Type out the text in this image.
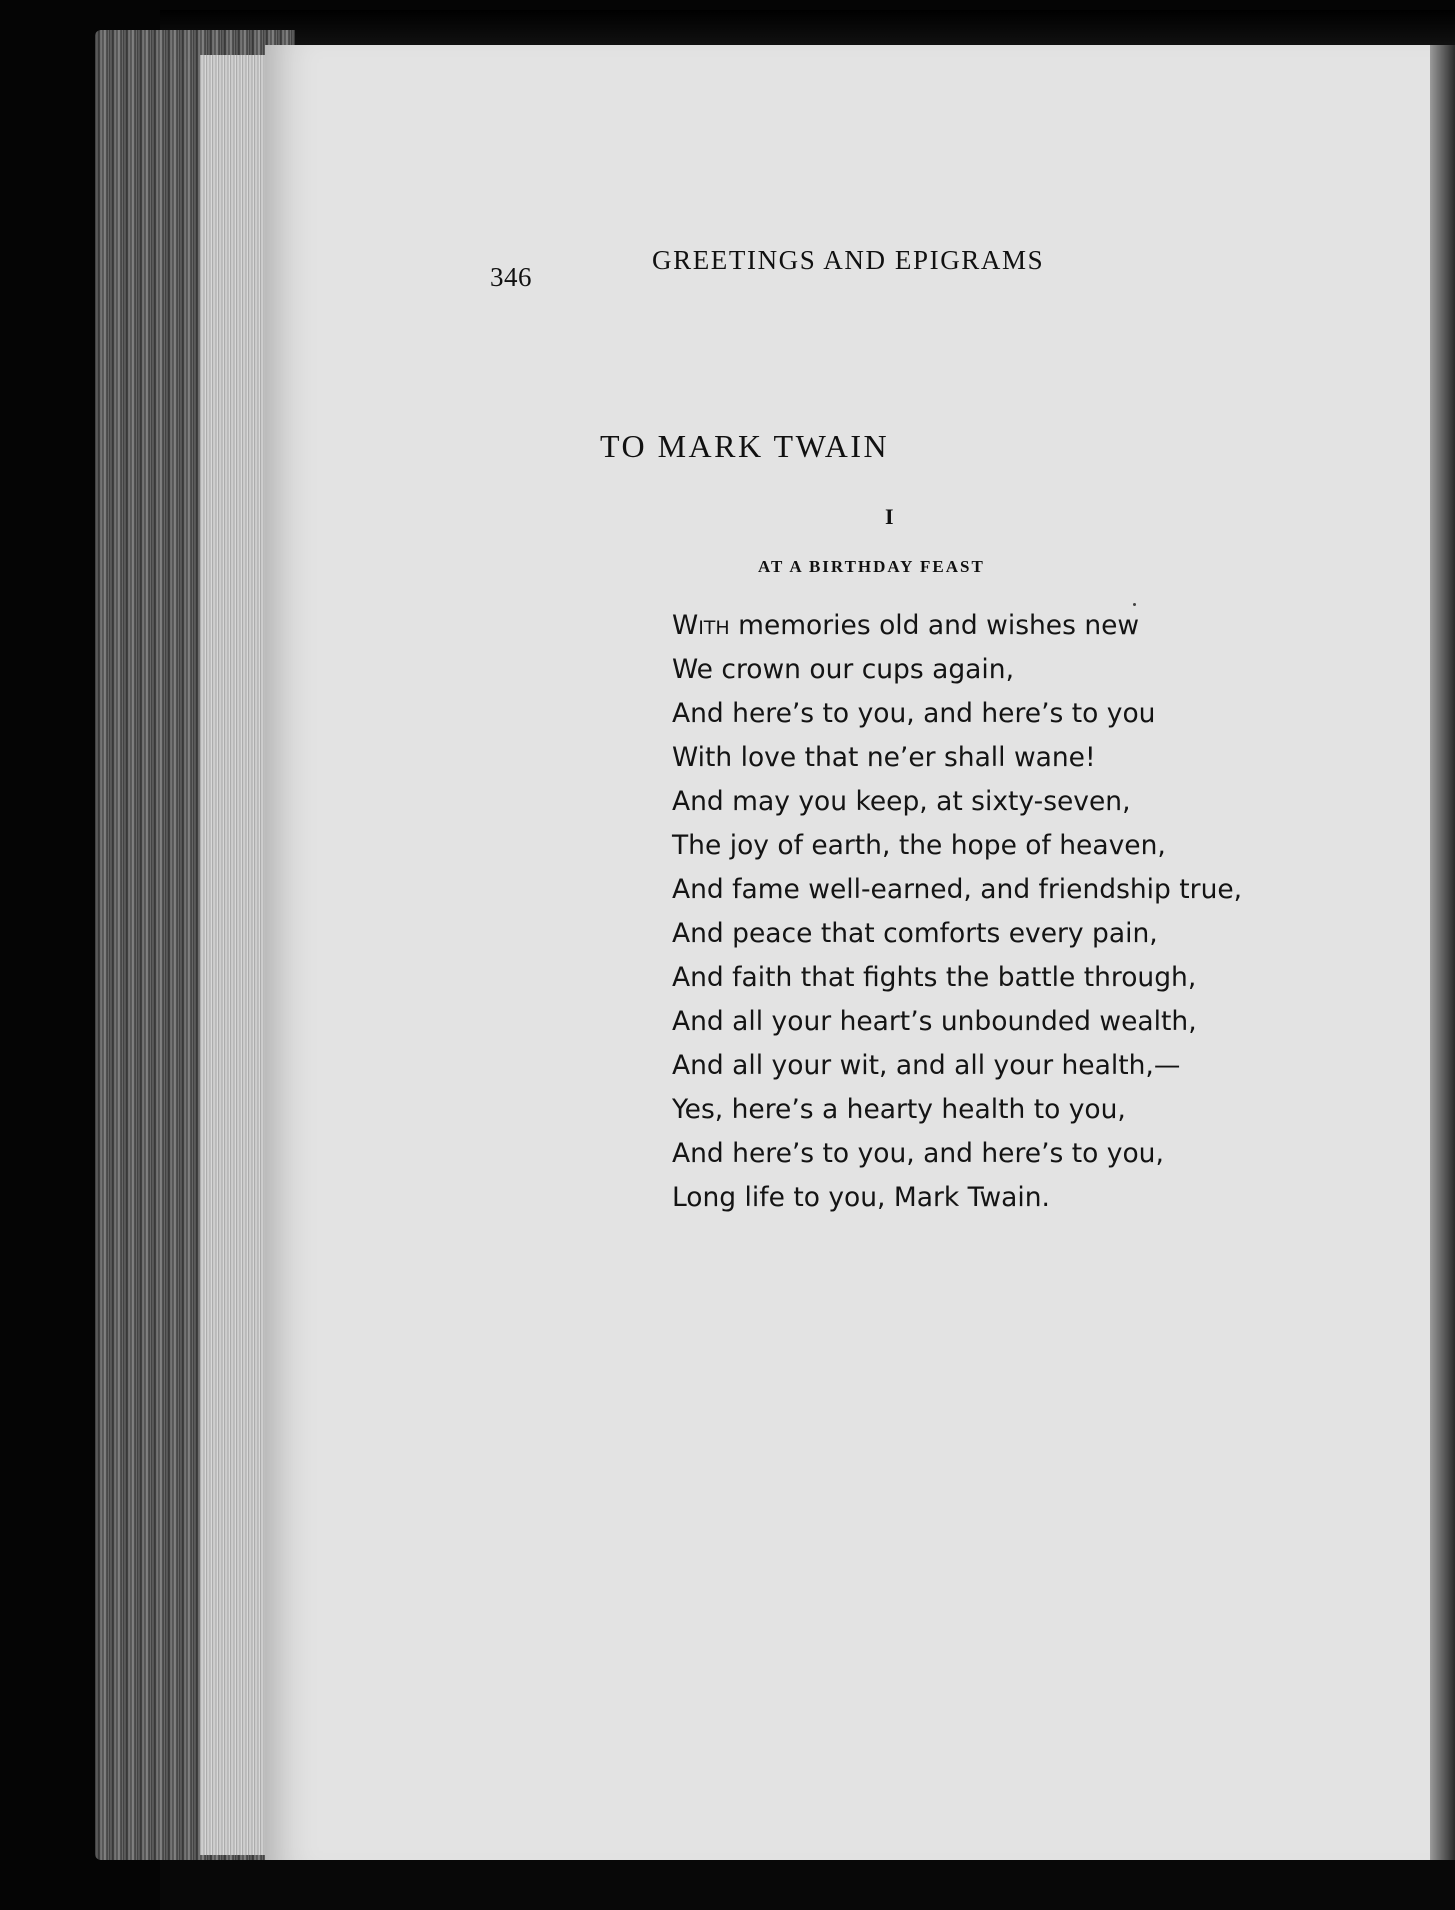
346
GREETINGS AND EPIGRAMS
TO MARK TWAIN
I
AT A BIRTHDAY FEAST
With memories old and wishes new
We crown our cups again,
And here’s to you, and here’s to you
With love that ne’er shall wane!
And may you keep, at sixty-seven,
The joy of earth, the hope of heaven,
And fame well-earned, and friendship true,
And peace that comforts every pain,
And faith that fights the battle through,
And all your heart’s unbounded wealth,
And all your wit, and all your health,—
Yes, here’s a hearty health to you,
And here’s to you, and here’s to you,
Long life to you, Mark Twain.
